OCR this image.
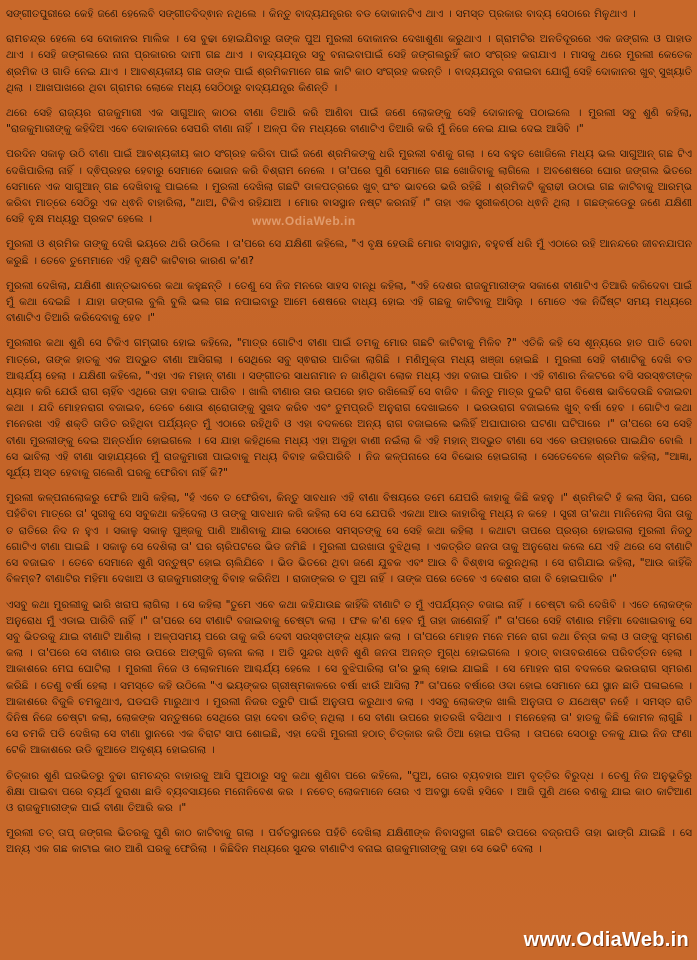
ସଙ୍ଗୀତପୁରୀରେ କେହି ଜଣେ ହେଲେବି ସଙ୍ଗୀତବିଦ୍ଵାନ ନଥିଲେ । କିନ୍ତୁ ବାଦ୍ୟଯନ୍ତ୍ରର ବଡ ଦୋକାନଟିଏ ଥାଏ । ସମସ୍ତ ପ୍ରକାର ବାଦ୍ୟ ସେଠାରେ ମିଳୁଥାଏ ।

ରାମଚନ୍ଦ୍ର ହେଲେ ସେ ଦୋକାନର ମାଲିକ । ସେ ବୁଢା ହୋଇଯିବାରୁ ତାଙ୍କ ପୁଅ ମୁରଲୀ ଦୋକାନର ଦେଖାଶୁଣା କରୁଥାଏ । ଗ୍ରାମଟିର ଅନତିଦୂରରେ ଏକ ଜଙ୍ଗଲ ଓ ପାହାଡ ଥାଏ । ସେହି ଜଙ୍ଗଲରେ ନାନା ପ୍ରକାରର ଦାମୀ ଗଛ ଥାଏ । ବାଦ୍ୟଯନ୍ତ୍ର ସବୁ ବନାଇବାପାଇଁ ସେହି ଜଙ୍ଗଲରୁହିଁ କାଠ ସଂଗ୍ରହ କରାଯାଏ । ମାସକୁ ଥରେ ମୁରଲୀ କେତେକ ଶ୍ରମିକ ଓ ଗାଡି ନେଇ ଯାଏ । ଆବଶ୍ୟକୀୟ ଗଛ ତାଙ୍କ ପାଇଁ ଶ୍ରମିକମାନେ ଗଛ କାଟି କାଠ ସଂଗ୍ରହ କରନ୍ତି । ବାଦ୍ୟଯନ୍ତ୍ର ବନାଇବା ଯୋଗୁଁ ସେହି ଦୋକାନର ଖୁବ୍ ସୁଖ୍ୟାତି ଥିଲା । ଆଖପାଖରେ ଥିବା ଗ୍ରାମର ଲୋକେ ମଧ୍ୟ ସେଠିଠାରୁ ବାଦ୍ୟଯନ୍ତ୍ର କିଣନ୍ତି ।

ଥରେ ସେହି ରାଜ୍ୟର ରାଜକୁମାରୀ ଏକ ସାଗୁଆନ୍ କାଠର ବୀଣା ତିଆରି କରି ଆଣିବା ପାଇଁ ଜଣେ ଲୋକଙ୍କୁ ସେହି ଦୋକାନକୁ ପଠାଇଲେ । ମୁରଲୀ ସବୁ ଶୁଣି କହିଲା, "ରାଜକୁମାରୀଙ୍କୁ କହିଦିଅ ଏବେ ଦୋକାନରେ ସେପରି ବୀଣା ନାହିଁ । ଅଳ୍ପ ଦିନ ମଧ୍ୟରେ ବୀଣାଟିଏ ତିଆରି କରି ମୁଁ ନିଜେ ନେଇ ଯାଇ ଦେଇ ଆସିବି ।"

ପରଦିନ ସକାଳୁ ଉଠି ବୀଣା ପାଇଁ ଆବଶ୍ୟକୀୟ କାଠ ସଂଗ୍ରହ କରିବା ପାଇଁ ଜଣେ ଶ୍ରମିକଙ୍କୁ ଧରି ମୁରଲୀ ବଣକୁ ଗଲା । ସେ ବହୁତ ଖୋଜିଲେ ମଧ୍ୟ ଭଲ ସାଗୁଆନ୍ ଗଛ ଟିଏ ଦେଖିପାରିଲା ନାହିଁ । ଦ୍ଵିପ୍ରହର ହେବାରୁ ସେମାନେ ଭୋଜନ କରି ବିଶ୍ରାମ ନେଲେ । ତା'ପରେ ପୁଣି ସେମାନେ ଗଛ ଖୋଜିବାକୁ ଲାଗିଲେ । ଅବଶେଷରେ ଘୋର ଜଙ୍ଗଲ ଭିତରେ ସେମାନେ ଏକ ସାଗୁଆନ୍ ଗଛ ଦେଖିବାକୁ ପାଇଲେ । ମୁରଲୀ ଦେଖିଲା ଗଛଟି ଡାଳପତ୍ରରେ ଖୁବ୍ ଘଂଚ ଭାବରେ ଭରି ରହିଛି । ଶ୍ରମିକଟି କୁରାଢୀ ଉଠାଇ ଗଛ କାଟିବାକୁ ଆରମ୍ଭ କରିବା ମାତ୍ରେ ସେଠିରୁ ଏକ ଧ୍ଵନି ବାହାରିଲା, "ଥାଅ, ଟିକିଏ ରହିଯାଅ । ମୋର ବାସସ୍ଥାନ ନଷ୍ଟ କରନାହିଁ ।" ତାହା ଏକ ସ୍ତ୍ରୀକଣ୍ଠର ଧ୍ଵନି ଥିଲା । ଗଛଙ୍କଡେରୁ ଜଣେ ଯକ୍ଷିଣୀ ସେହି ବୃକ୍ଷ ମଧ୍ୟରୁ ପ୍ରକଟ ହେଲେ ।

ମୁରଲୀ ଓ ଶ୍ରମିକ ତାଙ୍କୁ ଦେଖି ଭୟରେ ଥରି ଉଠିଲେ । ତା'ପରେ ସେ ଯକ୍ଷିଣୀ କହିଲେ, "ଏ ବୃକ୍ଷ ହେଉଛି ମୋର ବାସସ୍ଥାନ, ବହୁବର୍ଷ ଧରି ମୁଁ ଏଠାରେ ରହି ଆନନ୍ଦରେ ଜୀବନଯାପନ କରୁଛି । ତେବେ ତୁମେମାନେ ଏହି ବୃକ୍ଷଟି କାଟିବାର କାରଣ କ'ଣ?

ମୁରଲୀ ଦେଖିଲା, ଯକ୍ଷିଣୀ ଶାନ୍ତଭାବରେ କଥା କହୁଛନ୍ତି । ତେଣୁ ସେ ନିଜ ମନରେ ସାହସ ବାନ୍ଧି କହିଲା, "ଏହି ଦେଶର ରାଜକୁମାରୀଙ୍କ ସକାଶେ ବୀଣାଟିଏ ତିଆରି କରିଦେବା ପାଇଁ ମୁଁ କଥା ଦେଇଛି । ଯାହା ଜଙ୍ଗଲ ବୁଲି ବୁଲି ଭଲ ଗଛ ନପାଇବାରୁ ଆମେ ଶେଷରେ ବାଧ୍ୟ ହୋଇ ଏହି ଗଛକୁ କାଟିବାକୁ ଆସିଲୁ । ମୋତେ ଏକ ନିର୍ଦ୍ଦିଷ୍ଟ ସମୟ ମଧ୍ୟରେ ବୀଣାଟିଏ ତିଆରି କରିଦେବାକୁ ହେବ ।"

ମୁରଲୀର କଥା ଶୁଣି ସେ ଟିକିଏ ଗମ୍ଭୀର ହୋଇ କହିଲେ, "ମାତ୍ର ଗୋଟିଏ ବୀଣା ପାଇଁ ତମକୁ ମୋର ଗଛଟି କାଟିବାକୁ ମିଳିବ ?" ଏତିକି କହି ସେ ଶୂନ୍ୟରେ ହାତ ପାତି ଦେବା ମାତ୍ରେ, ତାଙ୍କ ହାତକୁ ଏକ ଅଦ୍ଭୁତ ବୀଣା ଆସିଗଲା । ସେଥିରେ ସବୁ ସ୍ଵରାର ପାତିକା ଲାଗିଛି । ମଣିମୁକ୍ତା ମଧ୍ୟ ଖଞ୍ଜା ହୋଇଛି । ମୁରଲୀ ସେହି ବୀଣାଟିକୁ ଦେଖି ବଡ ଆଶ୍ଚର୍ଯ୍ୟ ହେଲା । ଯକ୍ଷିଣୀ କହିଲେ, "ଏହା ଏକ ମହାନ୍ ବୀଣା । ସଙ୍ଗୀତର ସାଧନାମାନ ନ ଜାଣିଥିବା ଲୋକ ମଧ୍ୟ ଏହା ବଜାଇ ପାରିବ । ଏହି ବୀଣାର ନିକଟରେ ବସି ସରସ୍ଵତୀଙ୍କ ଧ୍ୟାନ କରି ଯେଉଁ ରାଗ ଚାହିଁବ ଏଥିରେ ତାହା ବଜାଇ ପାରିବ । ଖାଲି ବୀଣାର ତାର ଉପରେ ହାତ ରଖିଲେହିଁ ସେ ବାଜିବ । କିନ୍ତୁ ମାତ୍ର ଦୁଇଟି ରାଗ ବିଶେଷ ଭାବିଦେଉଛି ବଜାଇବା କଥା । ଯଦି ମୋହନରାଗ ବଜାଇବ, ତେବେ ଶୋତା ଶ୍ରୋତାଙ୍କୁ ସୁଖଦ କରିବ ଏବଂ ତୁମପ୍ରତି ଅନୁରାଗ ଦେଖାଇବେ । ଭରଉରାଗ ବଜାଇଲେ ଖୁବ୍ ବର୍ଷା ହେବ । ଗୋଟିଏ କଥା ମନେରଖ ଏହି ଶକ୍ତି ତାଡିତ ରହିଥିବା ପର୍ଯ୍ୟନ୍ତ ମୁଁ ଏଠାରେ ରହିଥିବି ଓ ଏହା ବଦଳରେ ଅନ୍ୟ ରାଗ ବଜାଇଲେ ଭଲିହିଁ ଅଘାଘାରର ଘଟଣା ଘଟିପାରେ ।" ତା'ପରେ ସେ ସେହି ବୀଣା ମୁରଲୀଙ୍କୁ ଦେଇ ଅନ୍ତର୍ଧାନ ହୋଇଗଲେ । ସେ ଯାହା କହିଥିଲେ ମଧ୍ୟ ଏହା ଅକୁହା ବାଣୀ ନଇଁଲା କି ଏହି ମହାନ୍ ଅଦ୍ଭୁତ ବୀଣା ସେ ଏବେ ଉପହାରରେ ପାଇଯିବ ବୋଲି । ସେ ଭାବିଲା ଏହି ବୀଣା ସାହାଯ୍ୟରେ ମୁଁ ରାଜକୁମାରୀ ପାଇବାକୁ ମଧ୍ୟ ବିବାହ କରିପାରିବି । ନିଜ କଳ୍ପନାରେ ସେ ବିଭୋର ହୋଇଗଲା । ସେତେବେଳେ ଶ୍ରମିକ କହିଲା, "ଆଜ୍ଞା, ସୂର୍ଯ୍ୟ ଅସ୍ତ ହେବାକୁ ଗଲେଣି ଘରକୁ ଫେରିବା ନାହିଁ କି?"

ମୁରଲୀ କଳ୍ପନାଲୋକରୁ ଫେରି ଆସି କହିଲା, "ହଁ ଏବେ ତ ଫେରିବା, କିନ୍ତୁ ସାବଧାନ ଏହି ବୀଣା ବିଷୟରେ ତମେ ଯେପରି କାହାକୁ କିଛି କହନୁ ।" ଶ୍ରମିକଟି ହଁ କଲା ସିନା, ଘରେ ପହଁଚିବା ମାତ୍ରେ ତା' ସ୍ତ୍ରୀକୁ ସେ ସବୁକଥା କହିଦେଲା ଓ ତାଙ୍କୁ ସାବଧାନ କରି କହିଲା ସେ ସେ ଯେପରି ଏକଥା ଆଉ କାହାରିକୁ ମଧ୍ୟ ନ କହେ । ସ୍ତ୍ରୀ ତା'କଥା ମାନିନେଲା ସିନା ତାକୁ ତ ରାତିରେ ନିଦ ନ ହୁଏ । ସକାଳୁ ସକାଳୁ ପୁଞ୍ଜକୁ ପାଣି ଆଣିବାକୁ ଯାଇ ସେଠାରେ ସମସ୍ତଙ୍କୁ ସେ ସେହି କଥା କହିଲା । କଥାଟା ତାପରେ ପ୍ରଚାର ହୋଇଗଲା ମୁରଲୀ ନିଜଠୁ ଗୋଟିଏ ବୀଣା ପାଇଛି । ସକାଳୁ ସେ ଦେଶିଲା ତା' ଘର ଚାରିପଟରେ ଭିଡ ଜମିଛି । ମୁରଲୀ ଘରଖାତା ବୁଝିଥିଲା । ଏକତ୍ରିତ ଜନତା ତାକୁ ଅନୁରୋଧ କଲେ ଯେ ଏହି ଥରେ ସେ ବୀଣାଟି ସେ ବଜାଇବ । ତେବେ ସେମାନେ ଶୁଣି ସନ୍ତୁଷ୍ଟ ହୋଇ ଚାଲିଯିବେ । ଭିଡ ଭିତରେ ଥିବା ଜଣେ ଯୁବକ ଏବଂ ଆଉ ବି ବିଶ୍ଵାସ କରୁନଥିଲା । ସେ ରାଗିଯାଇ କହିଲା, "ଆଉ କାହିଁକି ବିଳମ୍ବ? ବୀଣାଟିର ମହିମା ଦେଖାଅ ଓ ରାଜକୁମାରୀଙ୍କୁ ବିବାହ କରିନିଅ । ରାଜାଙ୍କର ତ ପୁଅ ନାହିଁ । ତାଙ୍କ ପରେ ତେବେ ଏ ଦେଶର ରାଜା ବି ହୋଇପାରିବ ।"

ଏସବୁ କଥା ମୁରଲୀକୁ ଭାରି ଖରାପ ଲାଗିଲା । ସେ କହିଲା "ତୁମେ ଏବେ କଥା କହିଯାଉଛ କାହିଁକି ବୀଣାଟି ତ ମୁଁ ଏପର୍ଯ୍ୟନ୍ତ ବଜାଇ ନାହିଁ । ଚେଷ୍ଟା କରି ଦେଖିବି । ଏତେ ଲୋକଙ୍କ ଅନୁରୋଧ ମୁଁ ଏଡାଇ ପାରିବି ନାହିଁ ।" ତା'ପରେ ସେ ବୀଣାଟି ବଜାଇବାକୁ ଚେଷ୍ଟା କଲା । ଫଳ କ'ଣ ହେବ ମୁଁ ତାହା ଜାଣେନାହିଁ ।" ତା'ପରେ ସେହି ବୀଣାର ମହିମା ଦେଖାଇବାକୁ ସେ ସବୁ ଭିତରକୁ ଯାଇ ବୀଣାଟି ଆଣିଲା । ଅଳ୍ପସମୟ ପରେ ତାକୁ କରି ଦେବୀ ସରସ୍ଵତୀଙ୍କ ଧ୍ୟାନ କଲା । ତା'ପରେ ମୋହନ ମନେ ମନେ ରାଗ କଥା ଚିନ୍ତା କଲା ଓ ତାଙ୍କୁ ସ୍ମରଣ କଲା । ତା'ପରେ ସେ ବୀଣାର ତାର ଉପରେ ଅଙ୍ଗୁଳି ଚାଳନା କଲା । ଅତି ସୁନ୍ଦର ଧ୍ଵନି ଶୁଣି ଜନତା ଅନନ୍ତ ମୁଗ୍ଧ ହୋଇଗଲେ । ହଠାତ୍ ବାତାବରଣରେ ପରିବର୍ତ୍ତନ ହେଲା । ଆକାଶରେ ମେଘ ଘୋଟିଲା । ମୁରଲୀ ନିଜେ ଓ ଲୋକମାନେ ଆଶ୍ଚର୍ଯ୍ୟ ହେଲେ । ସେ ବୁଝିପାରିଲା ତା'ର ଭୁଲ୍ ହୋଇ ଯାଇଛି । ସେ ମୋହନ ରାଗ ବଦଳରେ ଭରଉରାଗ ସ୍ମରଣ କରିଛି । ତେଣୁ ବର୍ଷା ହେଲା । ସମସ୍ତେ କହି ଉଠିଲେ "ଏ ଭୟଙ୍କର ଗ୍ରୀଷ୍ମକାଳରେ ବର୍ଷା ଝାଉଁ ଆସିଲା ?" ତା'ପରେ ବର୍ଷାରେ ଓଦା ହୋଇ ସେମାନେ ଯେ ସ୍ଥାନ ଛାଡି ପଳାଇଲେ । ଆକାଶରେ ବିଜୁଳି ଚମକୁଥାଏ, ଘଡଘଡି ମାରୁଥାଏ । ମୁରଲୀ ନିଜର ତ୍ରୁଟି ପାଇଁ ଅନୁତାପ କରୁଥାଏ କଲା । ଏସବୁ ଲୋକଙ୍କ ଖାଲି ଅନୁତାପ ତ ଯଥେଷ୍ଟ ନହେଁ । ସମସ୍ତ ରାତି ଦିନିଷ ନିଜେ ଚେଷ୍ଟା କଲା, ଲୋକଙ୍କ ସନ୍ତୁଷରେ ସେଥିରେ ତାହା ଦେବା ଉଚିତ୍ ନଥିଲା । ସେ ବୀଣା ଉପରେ ହାତରଖି ବସିଥାଏ । ମନେହେଲା ତା' ହାତକୁ କିଛି କୋମଳ ଲାଗୁଛି । ସେ ଚମକି ପଡି ଦେଖିଲା ସେ ବୀଣା ସ୍ଥାନରେ ଏକ ବିରାଟ ସାପ ଶୋଇଛି, ଏହା ଦେଖି ମୁରଲୀ ହଠାତ୍ ଚିତ୍କାର କରି ଠିଆ ହୋଇ ପଡିଲା । ତାପରେ ସେଠାରୁ ତଳକୁ ଯାଇ ନିଜ ଫଣା ଟେକି ଆକାଶରେ ଉଡି କୁଆଡେ ଅଦୃଶ୍ୟ ହୋଇଗଲା ।

ଚିତ୍କାର ଶୁଣି ଘରଭିତରୁ ବୁଢା ରାମଚନ୍ଦ୍ର ବାହାରକୁ ଆସି ପୁଅଠାରୁ ସବୁ କଥା ଶୁଣିବା ପରେ କହିଲେ, "ପୁଅ, ତୋର ବ୍ୟବହାର ଆମ ବୃତ୍ତିର ବିରୁଦ୍ଧ । ତେଣୁ ନିଜ ଅନୁଭୂତିରୁ ଶିକ୍ଷା ପାଇବା ପରେ ବ୍ୟର୍ଥ ଦୁରାଶା ଛାଡି ବ୍ୟବସାୟରେ ମନୋନିବେଶ କର । ନଚେତ୍ ଲୋକମାନେ ତୋର ଏ ଅବସ୍ଥା ଦେଖି ହସିବେ । ଆଜି ପୁଣି ଥରେ ବଣକୁ ଯାଇ କାଠ କାଟିଆଣ ଓ ରାଜକୁମାରୀଙ୍କ ପାଇଁ ବୀଣା ତିଆରି କର ।"

ମୁରଲୀ ତତ୍ ତାପ୍ ଜଙ୍ଗଲ ଭିତରକୁ ପୁଣି କାଠ କାଟିବାକୁ ଗଲା । ପର୍ବତସ୍ଥାନରେ ପହଁଚି ଦେଖିଲା ଯକ୍ଷିଣୀଙ୍କ ନିବାସସ୍ଥଳୀ ଗଛଟି ଉପରେ ବଜ୍ରପଡି ତାହା ଭାଙ୍ଗି ଯାଇଛି । ସେ ଅନ୍ୟ ଏକ ଗଛ କାଟାଇ କାଠ ଆଣି ଘରକୁ ଫେରିଲା । କିଛିଦିନ ମଧ୍ୟରେ ସୁନ୍ଦର ବୀଣାଟିଏ ବନାଇ ରାଜକୁମାରୀଙ୍କୁ ତାହା ସେ ଭେଟି ଦେଲା ।

www.OdiaWeb.in
www.OdiaWeb.in
